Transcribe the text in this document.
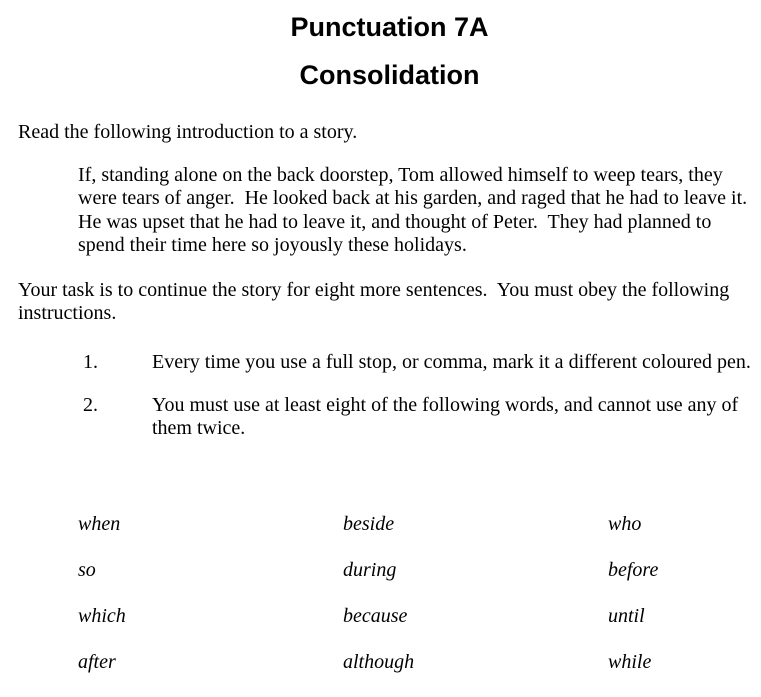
Punctuation 7A
Consolidation

Read the following introduction to a story.

If, standing alone on the back doorstep, Tom allowed himself to weep tears, they
were tears of anger.  He looked back at his garden, and raged that he had to leave it.
He was upset that he had to leave it, and thought of Peter.  They had planned to
spend their time here so joyously these holidays.
Your task is to continue the story for eight more sentences.  You must obey the following
instructions.
1.	Every time you use a full stop, or comma, mark it a different coloured pen.
2.	You must use at least eight of the following words, and cannot use any of
them twice.
when	beside	who
so	during	before
which	because	until
after	although	while
